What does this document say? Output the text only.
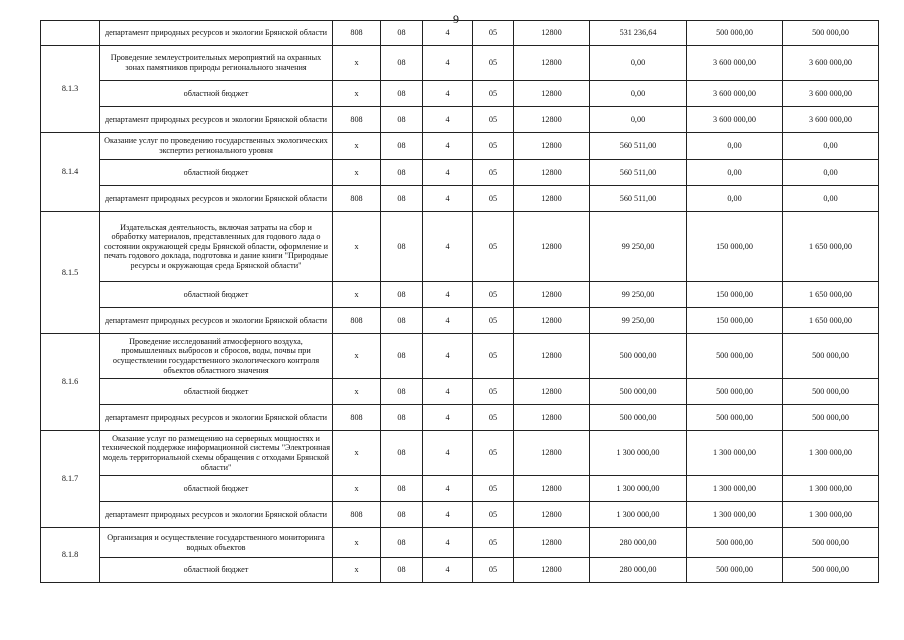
9
	департамент природных ресурсов и экологии Брянской области	808	08	4	05	12800	531 236,64	500 000,00	500 000,00
8.1.3	Проведение землеустроительных мероприятий на охранных зонах памятников природы регионального значения	х	08	4	05	12800	0,00	3 600 000,00	3 600 000,00
	областной бюджет	х	08	4	05	12800	0,00	3 600 000,00	3 600 000,00
	департамент природных ресурсов и экологии Брянской области	808	08	4	05	12800	0,00	3 600 000,00	3 600 000,00
8.1.4	Оказание услуг по проведению государственных экологических экспертиз регионального уровня	х	08	4	05	12800	560 511,00	0,00	0,00
	областной бюджет	х	08	4	05	12800	560 511,00	0,00	0,00
	департамент природных ресурсов и экологии Брянской области	808	08	4	05	12800	560 511,00	0,00	0,00
8.1.5	Издательская деятельность, включая затраты на сбор и обработку материалов, представленных для годового лада о состоянии окружающей среды Брянской области, оформление и печать годового доклада, подготовка и дание книги "Природные ресурсы и окружающая среда Брянской области"	х	08	4	05	12800	99 250,00	150 000,00	1 650 000,00
	областной бюджет	х	08	4	05	12800	99 250,00	150 000,00	1 650 000,00
	департамент природных ресурсов и экологии Брянской области	808	08	4	05	12800	99 250,00	150 000,00	1 650 000,00
8.1.6	Проведение исследований атмосферного воздуха, промышленных выбросов и сбросов, воды, почвы при осуществлении государственного экологического контроля объектов областного значения	х	08	4	05	12800	500 000,00	500 000,00	500 000,00
	областной бюджет	х	08	4	05	12800	500 000,00	500 000,00	500 000,00
	департамент природных ресурсов и экологии Брянской области	808	08	4	05	12800	500 000,00	500 000,00	500 000,00
8.1.7	Оказание услуг по размещению на серверных мощностях и технической поддержке информационной системы "Электронная модель территориальной схемы обращения с отходами Брянской области"	х	08	4	05	12800	1 300 000,00	1 300 000,00	1 300 000,00
	областной бюджет	х	08	4	05	12800	1 300 000,00	1 300 000,00	1 300 000,00
	департамент природных ресурсов и экологии Брянской области	808	08	4	05	12800	1 300 000,00	1 300 000,00	1 300 000,00
8.1.8	Организация и осуществление государственного мониторинга водных объектов	х	08	4	05	12800	280 000,00	500 000,00	500 000,00
	областной бюджет	х	08	4	05	12800	280 000,00	500 000,00	500 000,00
